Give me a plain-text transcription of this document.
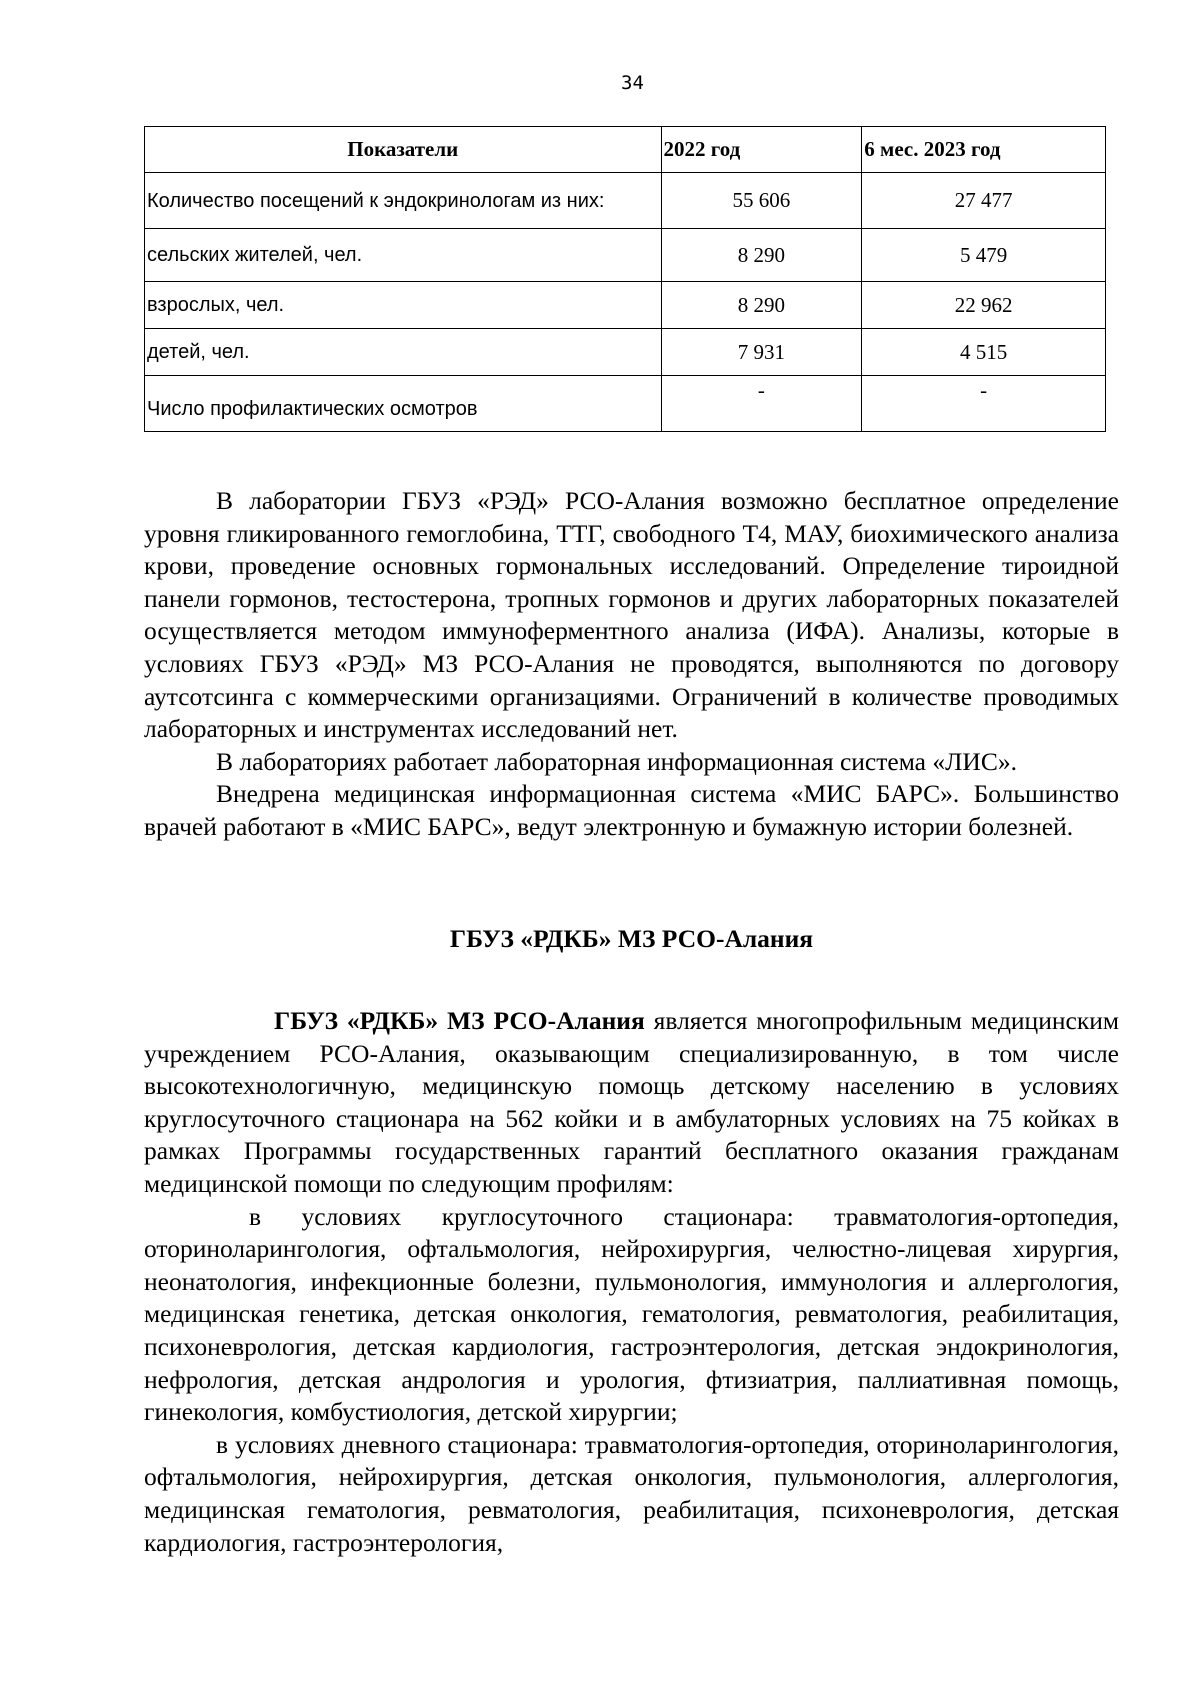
34
Показатели	2022 год	6 мес. 2023 год
Количество посещений к эндокринологам из них:	55 606	27 477
сельских жителей, чел.	8 290	5 479
взрослых, чел.	8 290	22 962
детей, чел.	7 931	4 515
Число профилактических осмотров	-	-

В лаборатории ГБУЗ «РЭД» РСО-Алания возможно бесплатное определение уровня гликированного гемоглобина, ТТГ, свободного Т4, МАУ, биохимического анализа крови, проведение основных гормональных исследований. Определение тироидной панели гормонов, тестостерона, тропных гормонов и других лабораторных показателей осуществляется методом иммуноферментного анализа (ИФА). Анализы, которые в условиях ГБУЗ «РЭД» МЗ РСО-Алания не проводятся, выполняются по договору аутсотсинга с коммерческими организациями. Ограничений в количестве проводимых лабораторных и инструментах исследований нет.

В лабораториях работает лабораторная информационная система «ЛИС».

Внедрена медицинская информационная система «МИС БАРС». Большинство врачей работают в «МИС БАРС», ведут электронную и бумажную истории болезней.

ГБУЗ «РДКБ» МЗ РСО-Алания

ГБУЗ «РДКБ» МЗ РСО-Алания является многопрофильным медицинским учреждением РСО-Алания, оказывающим специализированную, в том числе высокотехнологичную, медицинскую помощь детскому населению в условиях круглосуточного стационара на 562 койки и в амбулаторных условиях на 75 койках в рамках Программы государственных гарантий бесплатного оказания гражданам медицинской помощи по следующим профилям:

в условиях круглосуточного стационара: травматология-ортопедия, оториноларингология, офтальмология, нейрохирургия, челюстно-лицевая хирургия, неонатология, инфекционные болезни, пульмонология, иммунология и аллергология, медицинская генетика, детская онкология, гематология, ревматология, реабилитация, психоневрология, детская кардиология, гастроэнтерология, детская эндокринология, нефрология, детская андрология и урология, фтизиатрия, паллиативная помощь, гинекология, комбустиология, детской хирургии;

в условиях дневного стационара: травматология-ортопедия, оториноларингология, офтальмология, нейрохирургия, детская онкология, пульмонология, аллергология, медицинская гематология, ревматология, реабилитация, психоневрология, детская кардиология, гастроэнтерология,
